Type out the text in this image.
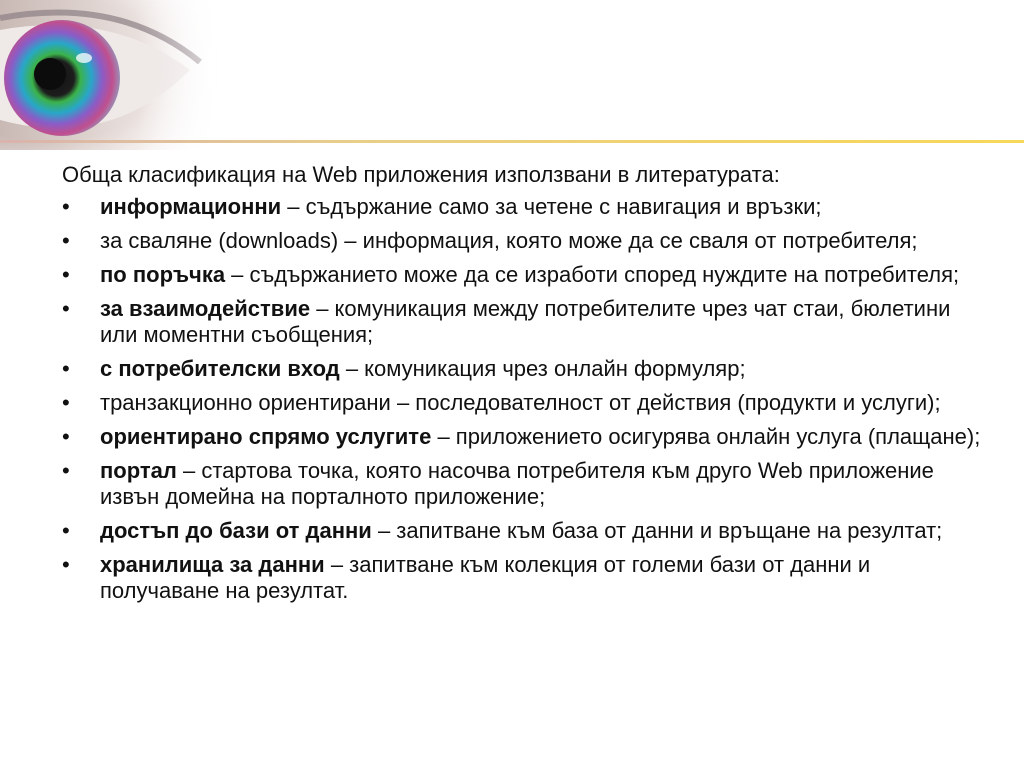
Обща класификация на Web приложения използвани в литературата:

•	информационни – съдържание само за четене с навигация и връзки;
•	за сваляне (downloads) – информация, която може да се сваля от потребителя;
•	по поръчка – съдържанието може да се изработи според нуждите на потребителя;
•	за взаимодействие – комуникация между потребителите чрез чат стаи, бюлетини или моментни съобщения;
•	с потребителски вход – комуникация чрез онлайн формуляр;
•	транзакционно ориентирани – последователност от действия (продукти и услуги);
•	ориентирано спрямо услугите – приложението осигурява онлайн услуга (плащане);
•	портал – стартова точка, която насочва потребителя към друго Web приложение извън домейна на порталното приложение;
•	достъп до бази от данни – запитване към база от данни и връщане на резултат;
•	хранилища за данни – запитване към колекция от големи бази от данни и получаване на резултат.
